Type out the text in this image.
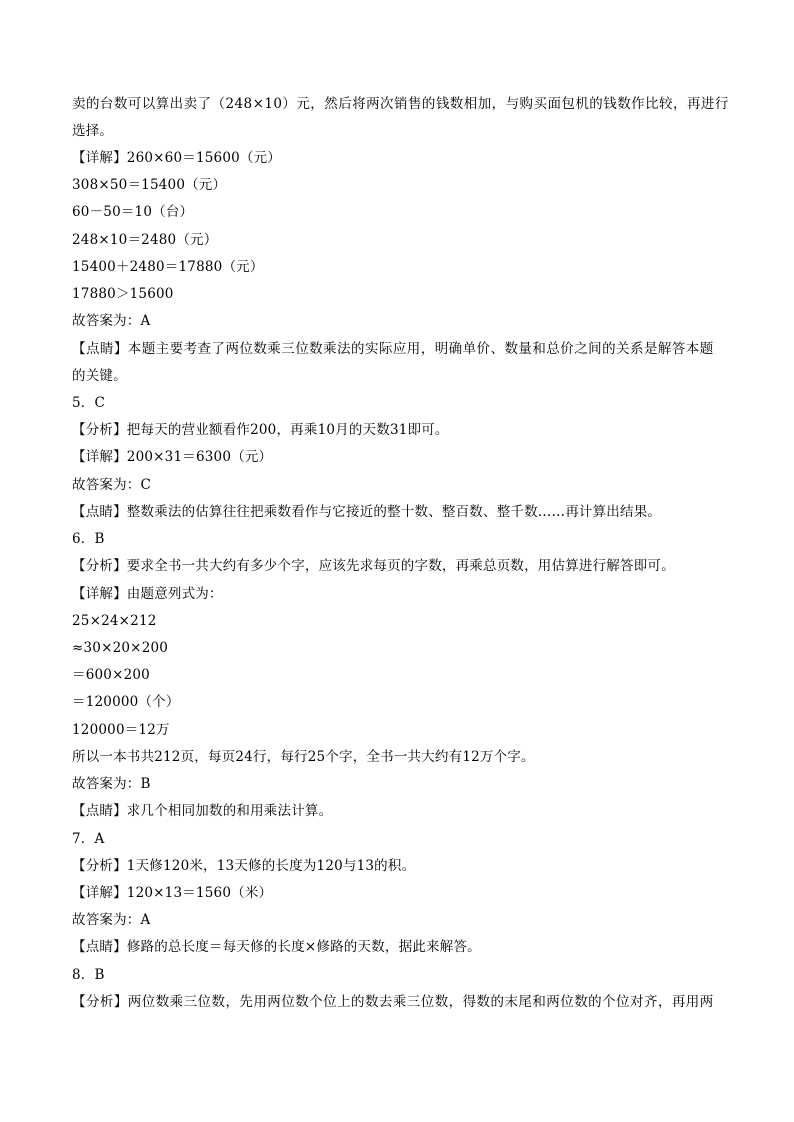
卖的台数可以算出卖了（248×10）元，然后将两次销售的钱数相加，与购买面包机的钱数作比较，再进行
选择。
【详解】260×60＝15600（元）
308×50＝15400（元）
60－50＝10（台）
248×10＝2480（元）
15400＋2480＝17880（元）
17880＞15600
故答案为：A
【点睛】本题主要考查了两位数乘三位数乘法的实际应用，明确单价、数量和总价之间的关系是解答本题
的关键。
5．C
【分析】把每天的营业额看作200，再乘10月的天数31即可。
【详解】200×31＝6300（元）
故答案为：C
【点睛】整数乘法的估算往往把乘数看作与它接近的整十数、整百数、整千数……再计算出结果。
6．B
【分析】要求全书一共大约有多少个字，应该先求每页的字数，再乘总页数，用估算进行解答即可。
【详解】由题意列式为：
25×24×212
≈30×20×200
＝600×200
＝120000（个）
120000＝12万
所以一本书共212页，每页24行，每行25个字，全书一共大约有12万个字。
故答案为：B
【点睛】求几个相同加数的和用乘法计算。
7．A
【分析】1天修120米，13天修的长度为120与13的积。
【详解】120×13＝1560（米）
故答案为：A
【点睛】修路的总长度＝每天修的长度×修路的天数，据此来解答。
8．B
【分析】两位数乘三位数，先用两位数个位上的数去乘三位数，得数的末尾和两位数的个位对齐，再用两
